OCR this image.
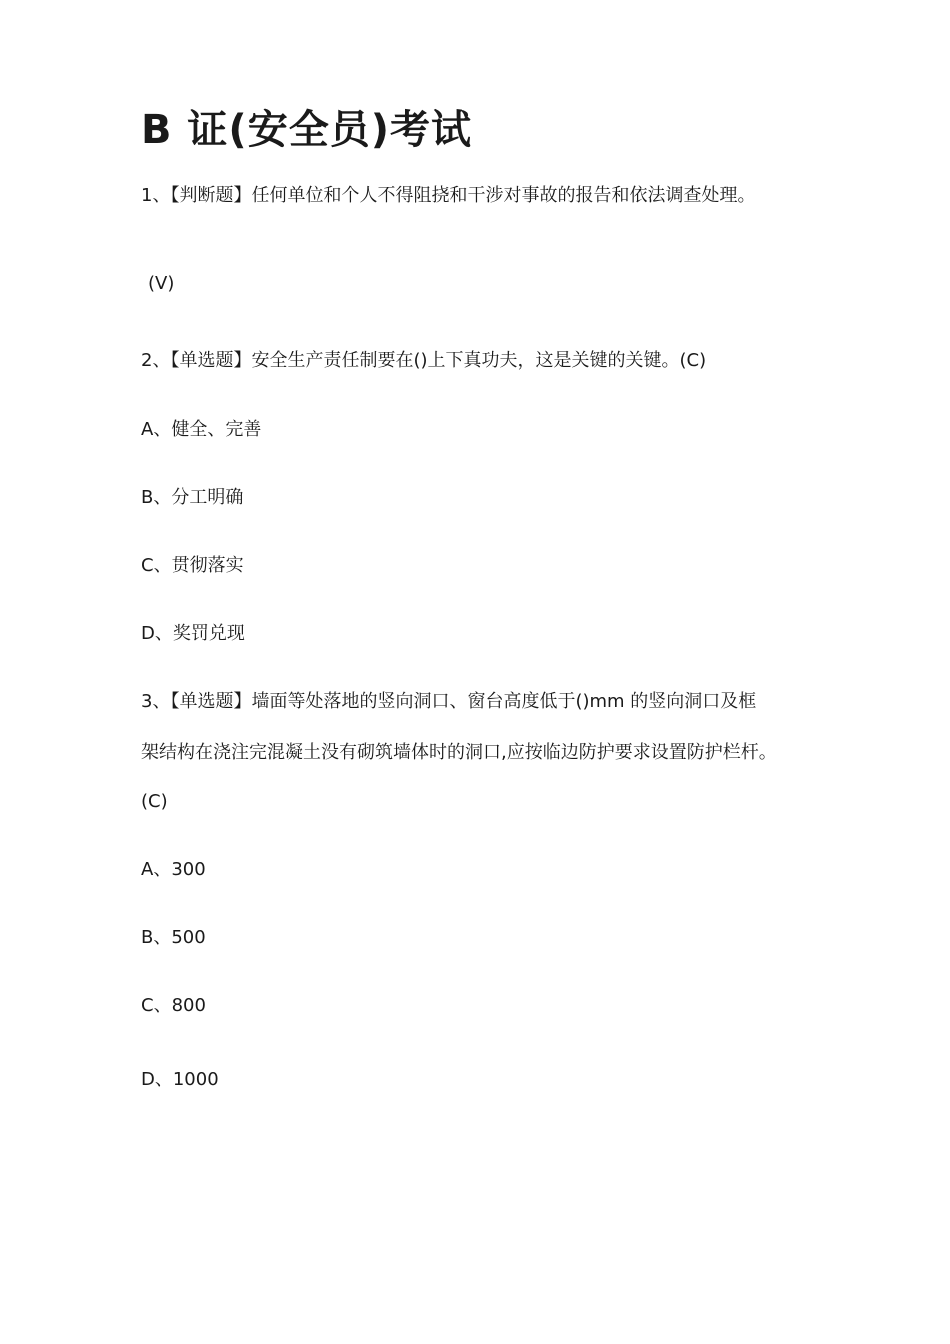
B 证(安全员)考试

1、【判断题】任何单位和个人不得阻挠和干涉对事故的报告和依法调查处理。

(V)

2、【单选题】安全生产责任制要在()上下真功夫，这是关键的关键。(C)

A、健全、完善

B、分工明确

C、贯彻落实

D、奖罚兑现

3、【单选题】墙面等处落地的竖向洞口、窗台高度低于()mm 的竖向洞口及框

架结构在浇注完混凝土没有砌筑墙体时的洞口,应按临边防护要求设置防护栏杆。

(C)

A、300

B、500

C、800

D、1000
